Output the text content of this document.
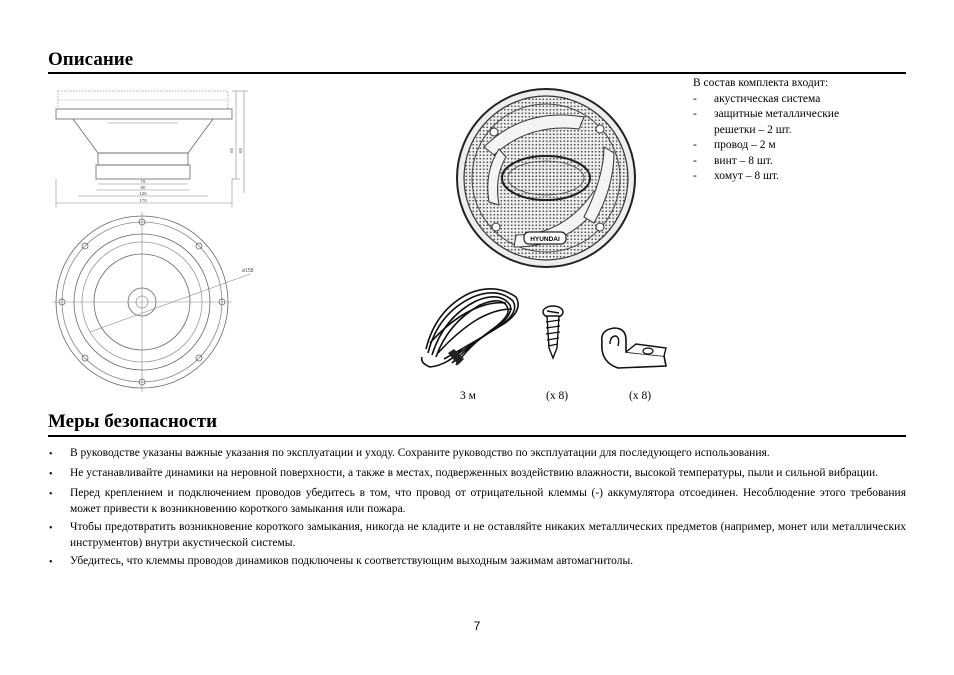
Описание
78
90
126
170
55 65
ø158
HYUNDAI
В состав комплекта входит:
-	акустическая система
-	защитные металлические решетки – 2 шт.
-	провод – 2 м
-	винт – 8 шт.
-	хомут – 8 шт.
3 м	(x 8)	(x 8)
Меры безопасности
•	В руководстве указаны важные указания по эксплуатации и уходу. Сохраните руководство по эксплуатации для последующего использования.
•	Не устанавливайте динамики на неровной поверхности, а также в местах, подверженных воздействию влажности, высокой температуры, пыли и сильной вибрации.
•	Перед креплением и подключением проводов убедитесь в том, что провод от отрицательной клеммы (-) аккумулятора отсоединен. Несоблюдение этого требования может привести к возникновению короткого замыкания или пожара.
•	Чтобы предотвратить возникновение короткого замыкания, никогда не кладите и не оставляйте никаких металлических предметов (например, монет или металлических инструментов) внутри акустической системы.
•	Убедитесь, что клеммы проводов динамиков подключены к соответствующим выходным зажимам автомагнитолы.
7
